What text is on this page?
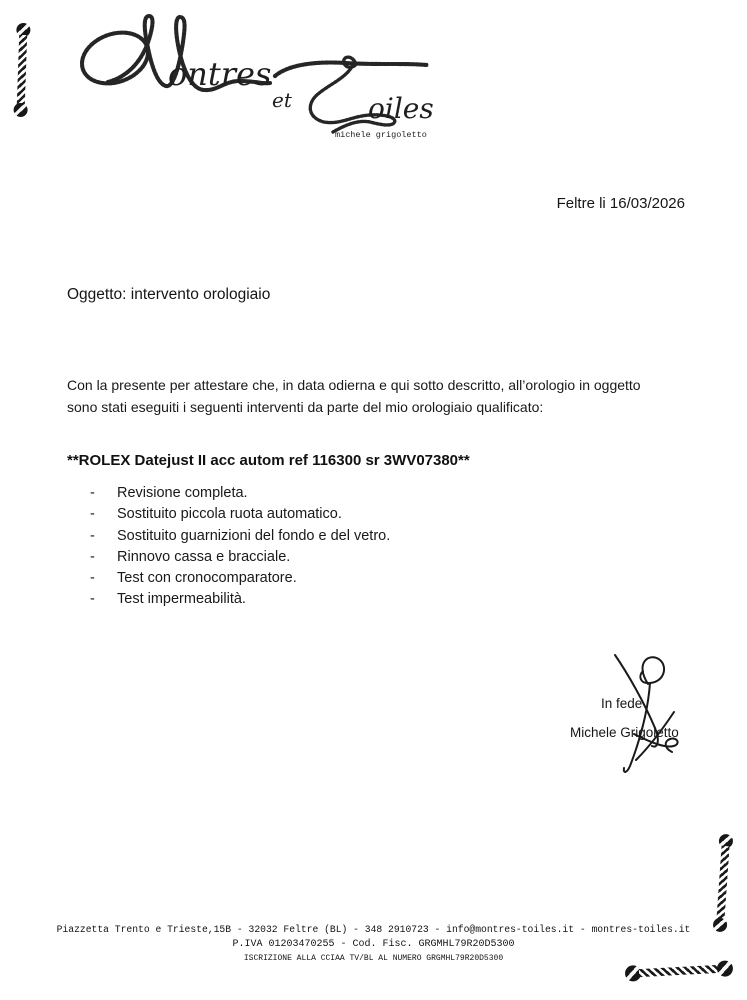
ontres
et	oiles
michele grigoletto
Feltre li 16/03/2026
Oggetto: intervento orologiaio
Con la presente per attestare che, in data odierna e qui sotto descritto, all’orologio in oggetto
sono stati eseguiti i seguenti interventi da parte del mio orologiaio qualificato:
**ROLEX Datejust II acc autom ref 116300 sr 3WV07380**
-	Revisione completa.
-	Sostituito piccola ruota automatico.
-	Sostituito guarnizioni del fondo e del vetro.
-	Rinnovo cassa e bracciale.
-	Test con cronocomparatore.
-	Test impermeabilità.
In fede
Michele Grigoletto
Piazzetta Trento e Trieste,15B - 32032 Feltre (BL) - 348 2910723 - info@montres-toiles.it - montres-toiles.it
P.IVA 01203470255 - Cod. Fisc. GRGMHL79R20D5300
ISCRIZIONE ALLA CCIAA TV/BL AL NUMERO GRGMHL79R20D5300
